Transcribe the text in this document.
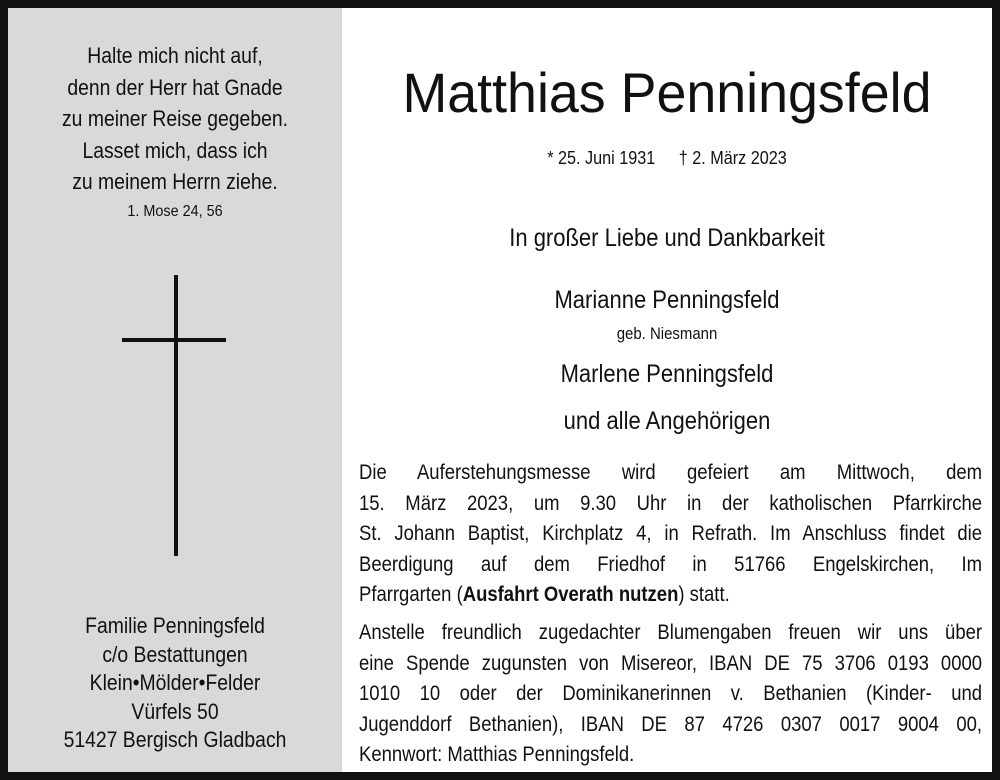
Halte mich nicht auf,
denn der Herr hat Gnade
zu meiner Reise gegeben.
Lasset mich, dass ich
zu meinem Herrn ziehe.
1. Mose 24, 56
Familie Penningsfeld
c/o Bestattungen
Klein•Mölder•Felder
Vürfels 50
51427 Bergisch Gladbach
Matthias Penningsfeld
* 25. Juni 1931 † 2. März 2023
In großer Liebe und Dankbarkeit
Marianne Penningsfeld
geb. Niesmann
Marlene Penningsfeld
und alle Angehörigen
Die Auferstehungsmesse wird gefeiert am Mittwoch, dem
15. März 2023, um 9.30 Uhr in der katholischen Pfarrkirche
St. Johann Baptist, Kirchplatz 4, in Refrath. Im Anschluss findet die
Beerdigung auf dem Friedhof in 51766 Engelskirchen, Im
Pfarrgarten (Ausfahrt Overath nutzen) statt.
Anstelle freundlich zugedachter Blumengaben freuen wir uns über
eine Spende zugunsten von Misereor, IBAN DE 75 3706 0193 0000
1010 10 oder der Dominikanerinnen v. Bethanien (Kinder- und
Jugenddorf Bethanien), IBAN DE 87 4726 0307 0017 9004 00,
Kennwort: Matthias Penningsfeld.
